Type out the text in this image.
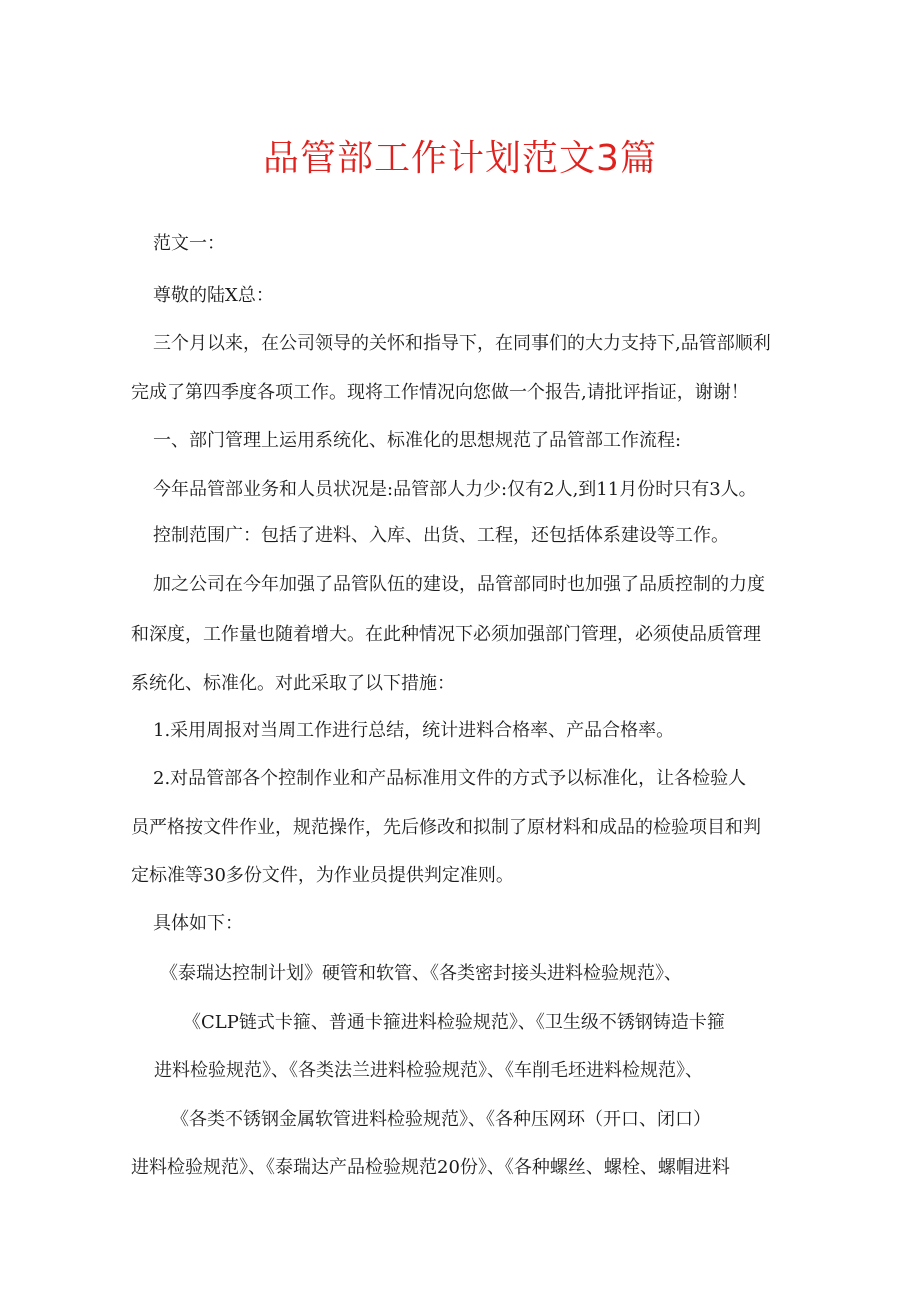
品管部工作计划范文3篇
范文一：
尊敬的陆X总：
三个月以来，在公司领导的关怀和指导下，在同事们的大力支持下,品管部顺利
完成了第四季度各项工作。现将工作情况向您做一个报告,请批评指证，谢谢！
一、部门管理上运用系统化、标准化的思想规范了品管部工作流程:
今年品管部业务和人员状况是:品管部人力少:仅有2人,到11月份时只有3人。
控制范围广：包括了进料、入库、出货、工程，还包括体系建设等工作。
加之公司在今年加强了品管队伍的建设，品管部同时也加强了品质控制的力度
和深度，工作量也随着增大。在此种情况下必须加强部门管理，必须使品质管理
系统化、标准化。对此采取了以下措施：
1.采用周报对当周工作进行总结，统计进料合格率、产品合格率。
2.对品管部各个控制作业和产品标准用文件的方式予以标准化，让各检验人
员严格按文件作业，规范操作，先后修改和拟制了原材料和成品的检验项目和判
定标准等30多份文件，为作业员提供判定准则。
具体如下：
《泰瑞达控制计划》硬管和软管、《各类密封接头进料检验规范》、
《CLP链式卡箍、普通卡箍进料检验规范》、《卫生级不锈钢铸造卡箍
进料检验规范》、《各类法兰进料检验规范》、《车削毛坯进料检规范》、
《各类不锈钢金属软管进料检验规范》、《各种压网环（开口、闭口）
进料检验规范》、《泰瑞达产品检验规范20份》、《各种螺丝、螺栓、螺帽进料
